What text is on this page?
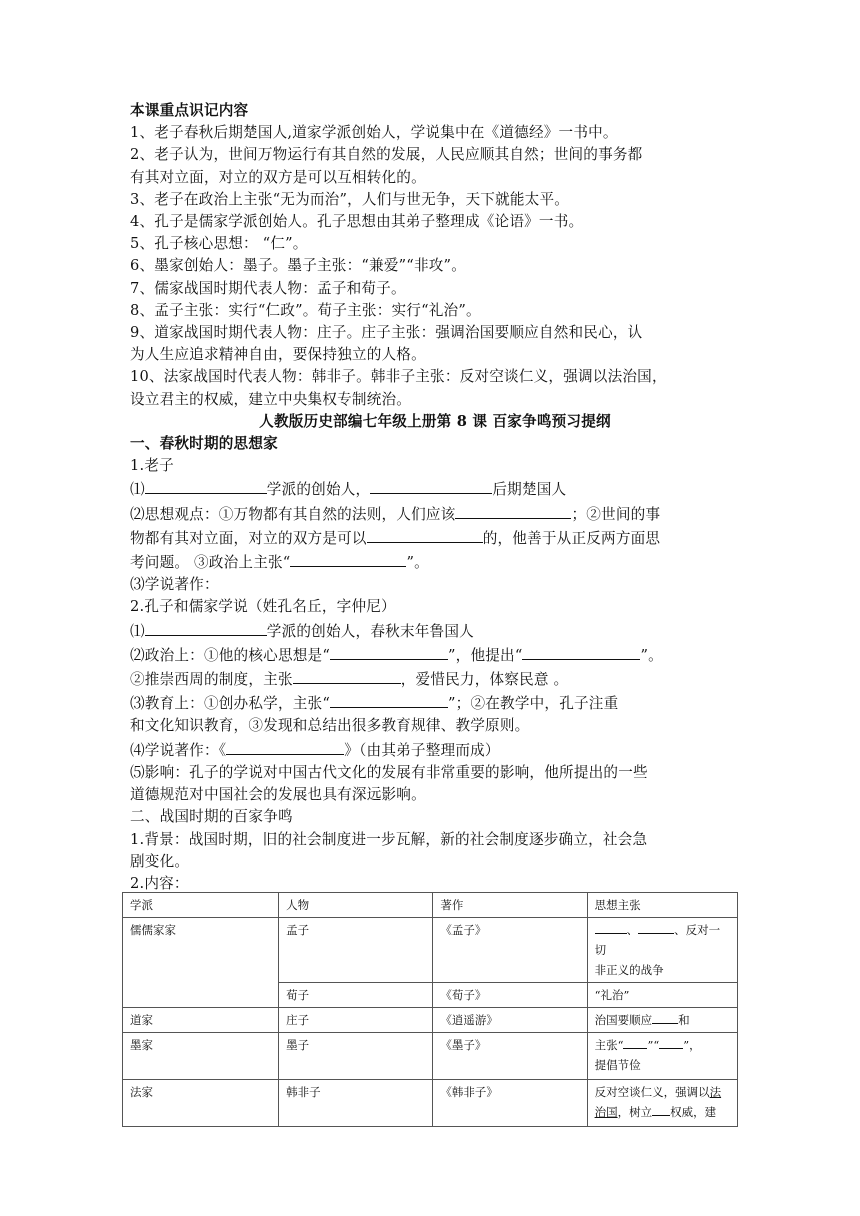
本课重点识记内容
1、老子春秋后期楚国人,道家学派创始人，学说集中在《道德经》一书中。
2、老子认为，世间万物运行有其自然的发展，人民应顺其自然；世间的事务都
有其对立面，对立的双方是可以互相转化的。
3、老子在政治上主张“无为而治”，人们与世无争，天下就能太平。
4、孔子是儒家学派创始人。孔子思想由其弟子整理成《论语》一书。
5、孔子核心思想： “仁”。
6、墨家创始人：墨子。墨子主张：“兼爱”“非攻”。
7、儒家战国时期代表人物：孟子和荀子。
8、孟子主张：实行“仁政”。荀子主张：实行“礼治”。
9、道家战国时期代表人物：庄子。庄子主张：强调治国要顺应自然和民心，认
为人生应追求精神自由，要保持独立的人格。
10、法家战国时代表人物：韩非子。韩非子主张：反对空谈仁义，强调以法治国，
设立君主的权威，建立中央集权专制统治。
人教版历史部编七年级上册第 8 课 百家争鸣预习提纲
一、春秋时期的思想家
1.老子
⑴	学派的创始人，	后期楚国人
⑵思想观点：①万物都有其自然的法则，人们应该	；②世间的事
物都有其对立面，对立的双方是可以	的，他善于从正反两方面思
考问题。 ③政治上主张“	”。
⑶学说著作：
2.孔子和儒家学说（姓孔名丘，字仲尼）
⑴	学派的创始人，春秋末年鲁国人
⑵政治上：①他的核心思想是“	”，他提出“	”。
②推崇西周的制度，主张	，爱惜民力，体察民意 。
⑶教育上：①创办私学，主张“	”；②在教学中，孔子注重
和文化知识教育，③发现和总结出很多教育规律、教学原则。
⑷学说著作：《	》（由其弟子整理而成）
⑸影响：孔子的学说对中国古代文化的发展有非常重要的影响，他所提出的一些
道德规范对中国社会的发展也具有深远影响。
二、战国时期的百家争鸣
1.背景：战国时期，旧的社会制度进一步瓦解，新的社会制度逐步确立，社会急
剧变化。
2.内容：
学派	人物	著作	思想主张
儒儒家家	孟子	《孟子》	、 、反对一切
非正义的战争
	荀子	《荀子》	“礼治”
道家	庄子	《逍遥游》	治国要顺应 和
墨家	墨子	《墨子》	主张“ ”“ ”，
提倡节俭
法家	韩非子	《韩非子》	反对空谈仁义，强调以法
治国，树立 权威，建
